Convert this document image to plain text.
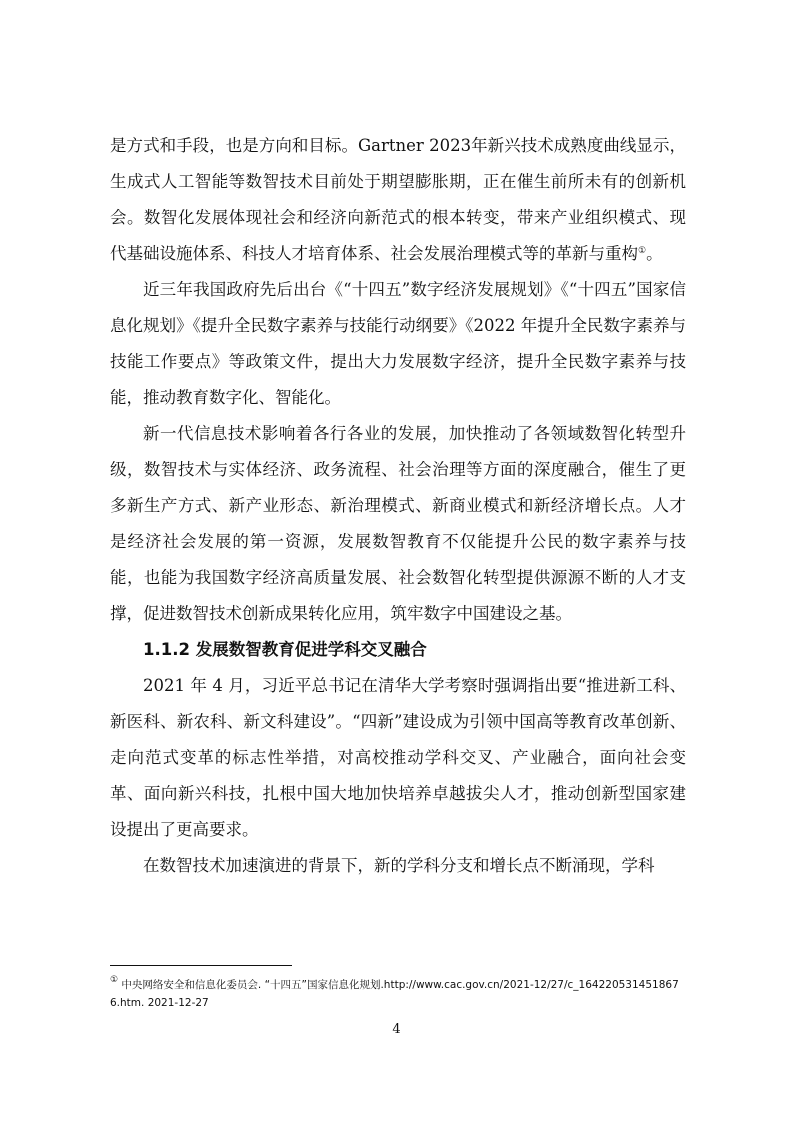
是方式和手段，也是方向和目标。Gartner 2023年新兴技术成熟度曲线显示，生成式人工智能等数智技术目前处于期望膨胀期，正在催生前所未有的创新机会。数智化发展体现社会和经济向新范式的根本转变，带来产业组织模式、现代基础设施体系、科技人才培育体系、社会发展治理模式等的革新与重构①。

近三年我国政府先后出台《“十四五”数字经济发展规划》《“十四五”国家信息化规划》《提升全民数字素养与技能行动纲要》《2022 年提升全民数字素养与技能工作要点》等政策文件，提出大力发展数字经济，提升全民数字素养与技能，推动教育数字化、智能化。

新一代信息技术影响着各行各业的发展，加快推动了各领域数智化转型升级，数智技术与实体经济、政务流程、社会治理等方面的深度融合，催生了更多新生产方式、新产业形态、新治理模式、新商业模式和新经济增长点。人才是经济社会发展的第一资源，发展数智教育不仅能提升公民的数字素养与技能，也能为我国数字经济高质量发展、社会数智化转型提供源源不断的人才支撑，促进数智技术创新成果转化应用，筑牢数字中国建设之基。

1.1.2 发展数智教育促进学科交叉融合

2021 年 4 月，习近平总书记在清华大学考察时强调指出要“推进新工科、新医科、新农科、新文科建设”。“四新”建设成为引领中国高等教育改革创新、走向范式变革的标志性举措，对高校推动学科交叉、产业融合，面向社会变革、面向新兴科技，扎根中国大地加快培养卓越拔尖人才，推动创新型国家建设提出了更高要求。

在数智技术加速演进的背景下，新的学科分支和增长点不断涌现，学科

① 中央网络安全和信息化委员会. “十四五”国家信息化规划.http://www.cac.gov.cn/2021-12/27/c_1642205314518676.htm. 2021-12-27
4
